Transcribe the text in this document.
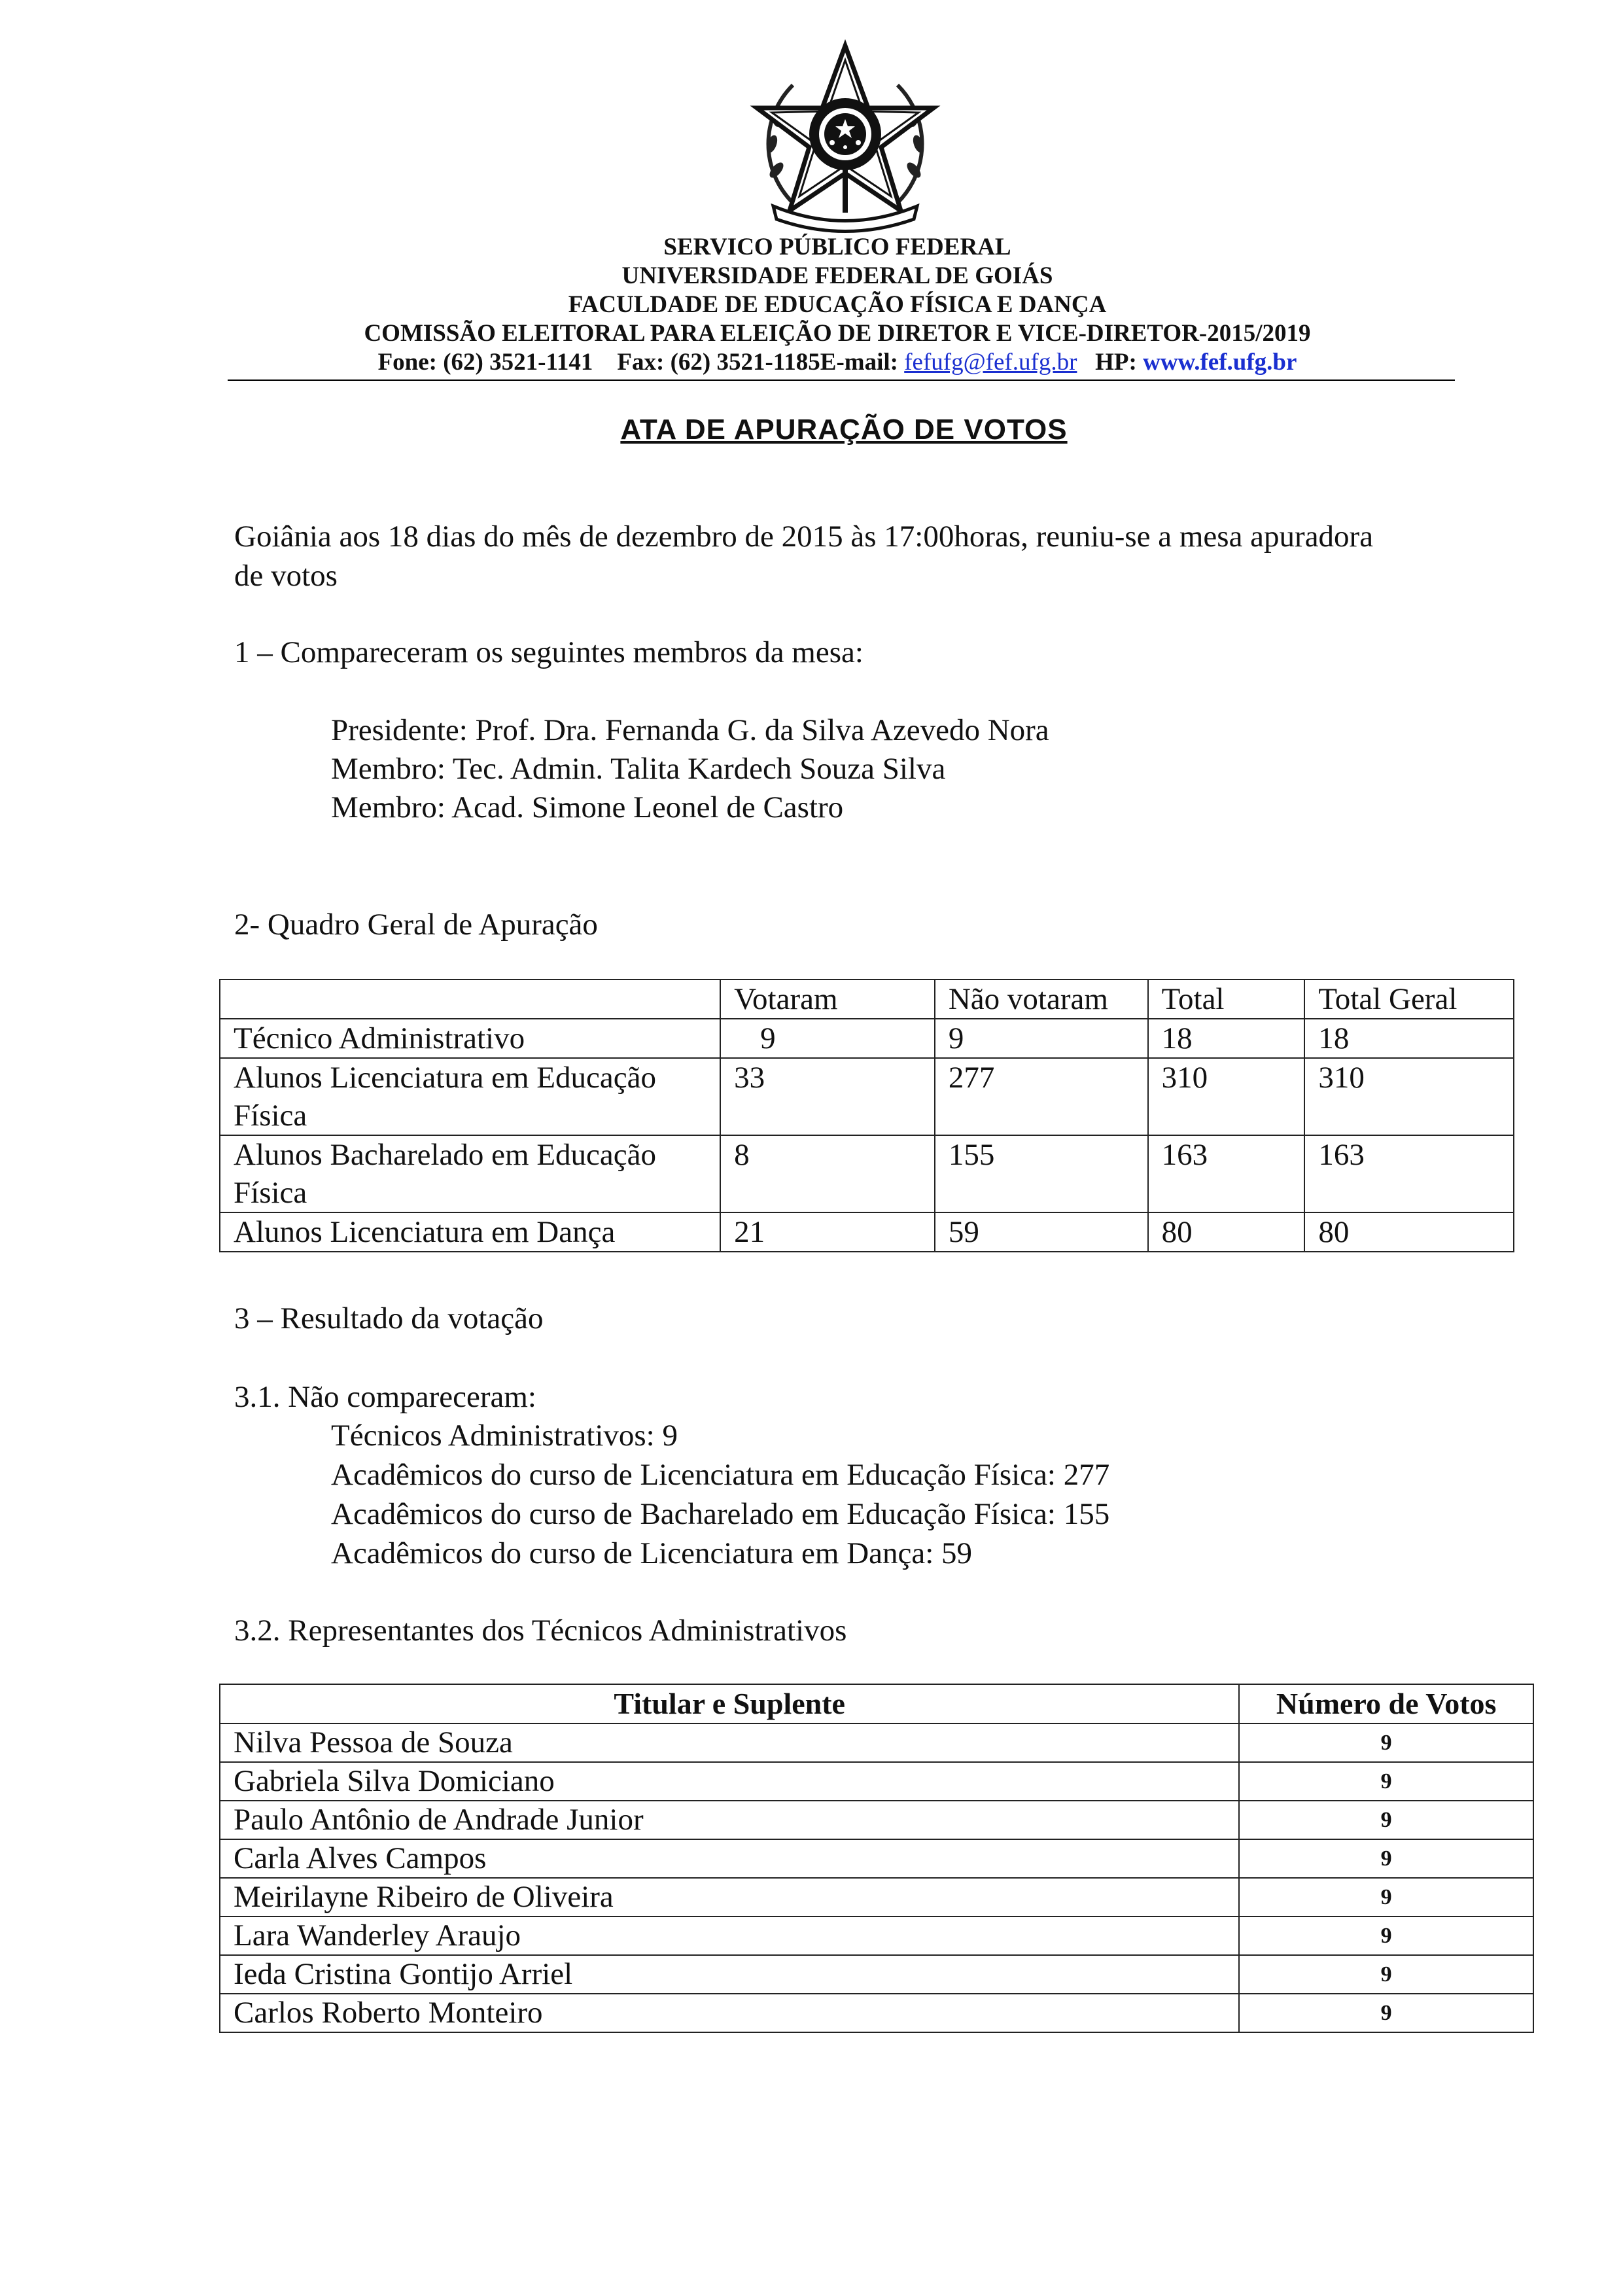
SERVICO PÚBLICO FEDERAL
UNIVERSIDADE FEDERAL DE GOIÁS
FACULDADE DE EDUCAÇÃO FÍSICA E DANÇA
COMISSÃO ELEITORAL PARA ELEIÇÃO DE DIRETOR E VICE-DIRETOR-2015/2019
Fone: (62) 3521-1141 Fax: (62) 3521-1185E-mail: fefufg@fef.ufg.br HP: www.fef.ufg.br
ATA DE APURAÇÃO DE VOTOS
Goiânia aos 18 dias do mês de dezembro de 2015 às 17:00horas, reuniu-se a mesa apuradora
de votos
1 – Compareceram os seguintes membros da mesa:
Presidente: Prof. Dra. Fernanda G. da Silva Azevedo Nora
Membro: Tec. Admin. Talita Kardech Souza Silva
Membro: Acad. Simone Leonel de Castro
2- Quadro Geral de Apuração
	Votaram	Não votaram	Total	Total Geral
Técnico Administrativo	9	9	18	18
Alunos Licenciatura em Educação Física	33	277	310	310
Alunos Bacharelado em Educação Física	8	155	163	163
Alunos Licenciatura em Dança	21	59	80	80
3 – Resultado da votação
3.1. Não compareceram:
Técnicos Administrativos: 9
Acadêmicos do curso de Licenciatura em Educação Física: 277
Acadêmicos do curso de Bacharelado em Educação Física: 155
Acadêmicos do curso de Licenciatura em Dança: 59
3.2. Representantes dos Técnicos Administrativos
Titular e Suplente	Número de Votos
Nilva Pessoa de Souza	9
Gabriela Silva Domiciano	9
Paulo Antônio de Andrade Junior	9
Carla Alves Campos	9
Meirilayne Ribeiro de Oliveira	9
Lara Wanderley Araujo	9
Ieda Cristina Gontijo Arriel	9
Carlos Roberto Monteiro	9
